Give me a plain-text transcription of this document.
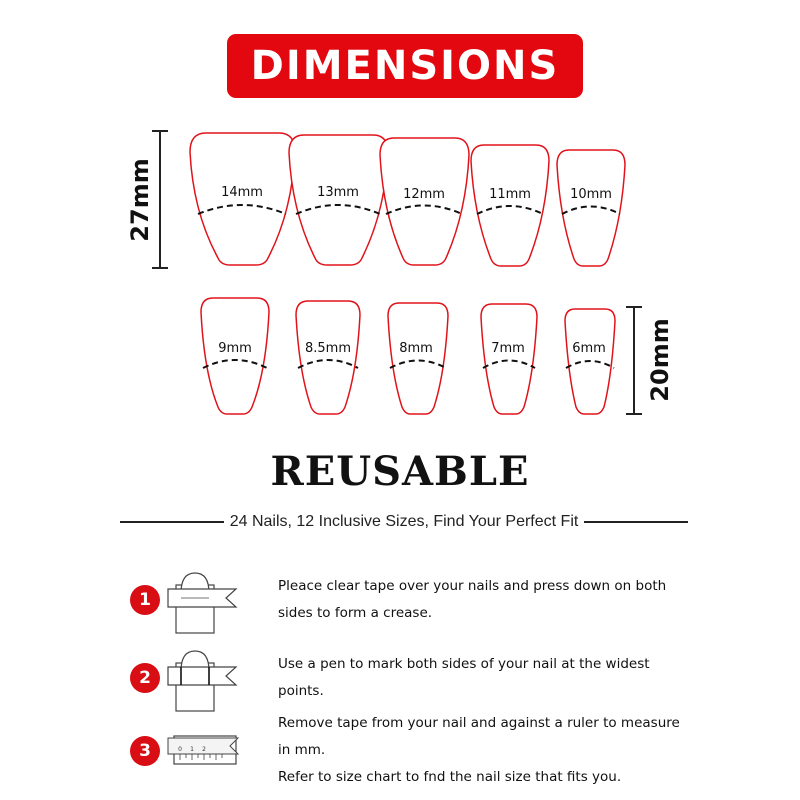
DIMENSIONS
27mm
20mm
14mm	13mm	12mm	11mm	10mm
9mm	8.5mm	8mm	7mm	6mm
REUSABLE
24 Nails, 12 Inclusive Sizes, Find Your Perfect Fit
1
Pleace clear tape over your nails and press down on both
sides to form a crease.
2
Use a pen to mark both sides of your nail at the widest points.
3	0 1 2
Remove tape from your nail and against a ruler to measure in mm.
Refer to size chart to fnd the nail size that fits you.
